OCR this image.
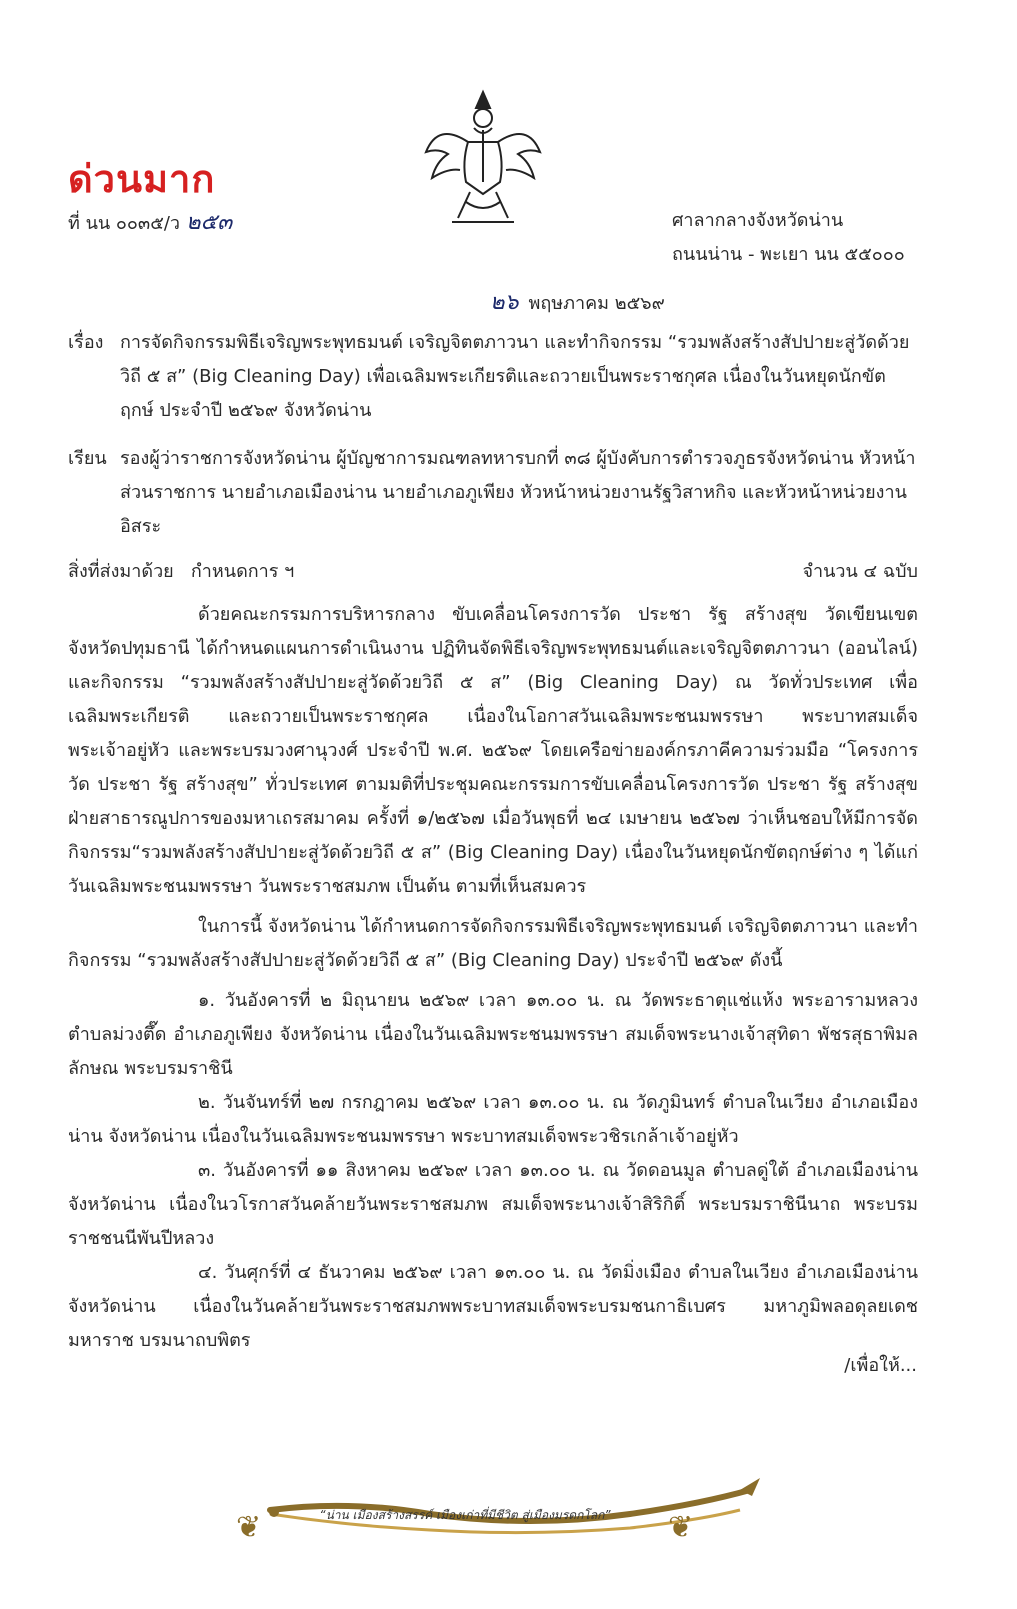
ด่วนมาก
ที่ นน ๐๐๓๕/ว ๒๕๓	ศาลากลางจังหวัดน่าน
ถนนน่าน - พะเยา นน ๕๕๐๐๐
๒๖ พฤษภาคม ๒๕๖๙
เรื่อง การจัดกิจกรรมพิธีเจริญพระพุทธมนต์ เจริญจิตตภาวนา และทำกิจกรรม “รวมพลังสร้างสัปปายะสู่วัดด้วยวิถี ๕ ส” (Big Cleaning Day) เพื่อเฉลิมพระเกียรติและถวายเป็นพระราชกุศล เนื่องในวันหยุดนักขัตฤกษ์ ประจำปี ๒๕๖๙ จังหวัดน่าน
เรียน รองผู้ว่าราชการจังหวัดน่าน ผู้บัญชาการมณฑลทหารบกที่ ๓๘ ผู้บังคับการตำรวจภูธรจังหวัดน่าน หัวหน้าส่วนราชการ นายอำเภอเมืองน่าน นายอำเภอภูเพียง หัวหน้าหน่วยงานรัฐวิสาหกิจ และหัวหน้าหน่วยงานอิสระ
สิ่งที่ส่งมาด้วย   กำหนดการ ฯ	จำนวน ๔ ฉบับ

ด้วยคณะกรรมการบริหารกลาง ขับเคลื่อนโครงการวัด ประชา รัฐ สร้างสุข วัดเขียนเขต จังหวัดปทุมธานี ได้กำหนดแผนการดำเนินงาน ปฏิทินจัดพิธีเจริญพระพุทธมนต์และเจริญจิตตภาวนา (ออนไลน์) และกิจกรรม “รวมพลังสร้างสัปปายะสู่วัดด้วยวิถี ๕ ส” (Big Cleaning Day) ณ วัดทั่วประเทศ เพื่อเฉลิมพระเกียรติ และถวายเป็นพระราชกุศล เนื่องในโอกาสวันเฉลิมพระชนมพรรษา พระบาทสมเด็จพระเจ้าอยู่หัว และพระบรมวงศานุวงศ์ ประจำปี พ.ศ. ๒๕๖๙ โดยเครือข่ายองค์กรภาคีความร่วมมือ “โครงการวัด ประชา รัฐ สร้างสุข” ทั่วประเทศ ตามมติที่ประชุมคณะกรรมการขับเคลื่อนโครงการวัด ประชา รัฐ สร้างสุข ฝ่ายสาธารณูปการของมหาเถรสมาคม ครั้งที่ ๑/๒๕๖๗ เมื่อวันพุธที่ ๒๔ เมษายน ๒๕๖๗ ว่าเห็นชอบให้มีการจัดกิจกรรม“รวมพลังสร้างสัปปายะสู่วัดด้วยวิถี ๕ ส” (Big Cleaning Day) เนื่องในวันหยุดนักขัตฤกษ์ต่าง ๆ ได้แก่ วันเฉลิมพระชนมพรรษา วันพระราชสมภพ เป็นต้น ตามที่เห็นสมควร

ในการนี้ จังหวัดน่าน ได้กำหนดการจัดกิจกรรมพิธีเจริญพระพุทธมนต์ เจริญจิตตภาวนา และทำกิจกรรม “รวมพลังสร้างสัปปายะสู่วัดด้วยวิถี ๕ ส” (Big Cleaning Day) ประจำปี ๒๕๖๙ ดังนี้

๑. วันอังคารที่ ๒ มิถุนายน ๒๕๖๙ เวลา ๑๓.๐๐ น. ณ วัดพระธาตุแช่แห้ง พระอารามหลวง ตำบลม่วงตึ๊ด อำเภอภูเพียง จังหวัดน่าน เนื่องในวันเฉลิมพระชนมพรรษา สมเด็จพระนางเจ้าสุทิดา พัชรสุธาพิมลลักษณ พระบรมราชินี

๒. วันจันทร์ที่ ๒๗ กรกฎาคม ๒๕๖๙ เวลา ๑๓.๐๐ น. ณ วัดภูมินทร์ ตำบลในเวียง อำเภอเมืองน่าน จังหวัดน่าน เนื่องในวันเฉลิมพระชนมพรรษา พระบาทสมเด็จพระวชิรเกล้าเจ้าอยู่หัว

๓. วันอังคารที่ ๑๑ สิงหาคม ๒๕๖๙ เวลา ๑๓.๐๐ น. ณ วัดดอนมูล ตำบลดู่ใต้ อำเภอเมืองน่าน จังหวัดน่าน เนื่องในวโรกาสวันคล้ายวันพระราชสมภพ สมเด็จพระนางเจ้าสิริกิติ์ พระบรมราชินีนาถ พระบรมราชชนนีพันปีหลวง

๔. วันศุกร์ที่ ๔ ธันวาคม ๒๕๖๙ เวลา ๑๓.๐๐ น. ณ วัดมิ่งเมือง ตำบลในเวียง อำเภอเมืองน่าน จังหวัดน่าน เนื่องในวันคล้ายวันพระราชสมภพพระบาทสมเด็จพระบรมชนกาธิเบศร มหาภูมิพลอดุลยเดชมหาราช บรมนาถบพิตร

/เพื่อให้...
“น่าน เมืองสร้างสรรค์ เมืองเก่าที่มีชีวิต สู่เมืองมรดกโลก”
❦	❦
